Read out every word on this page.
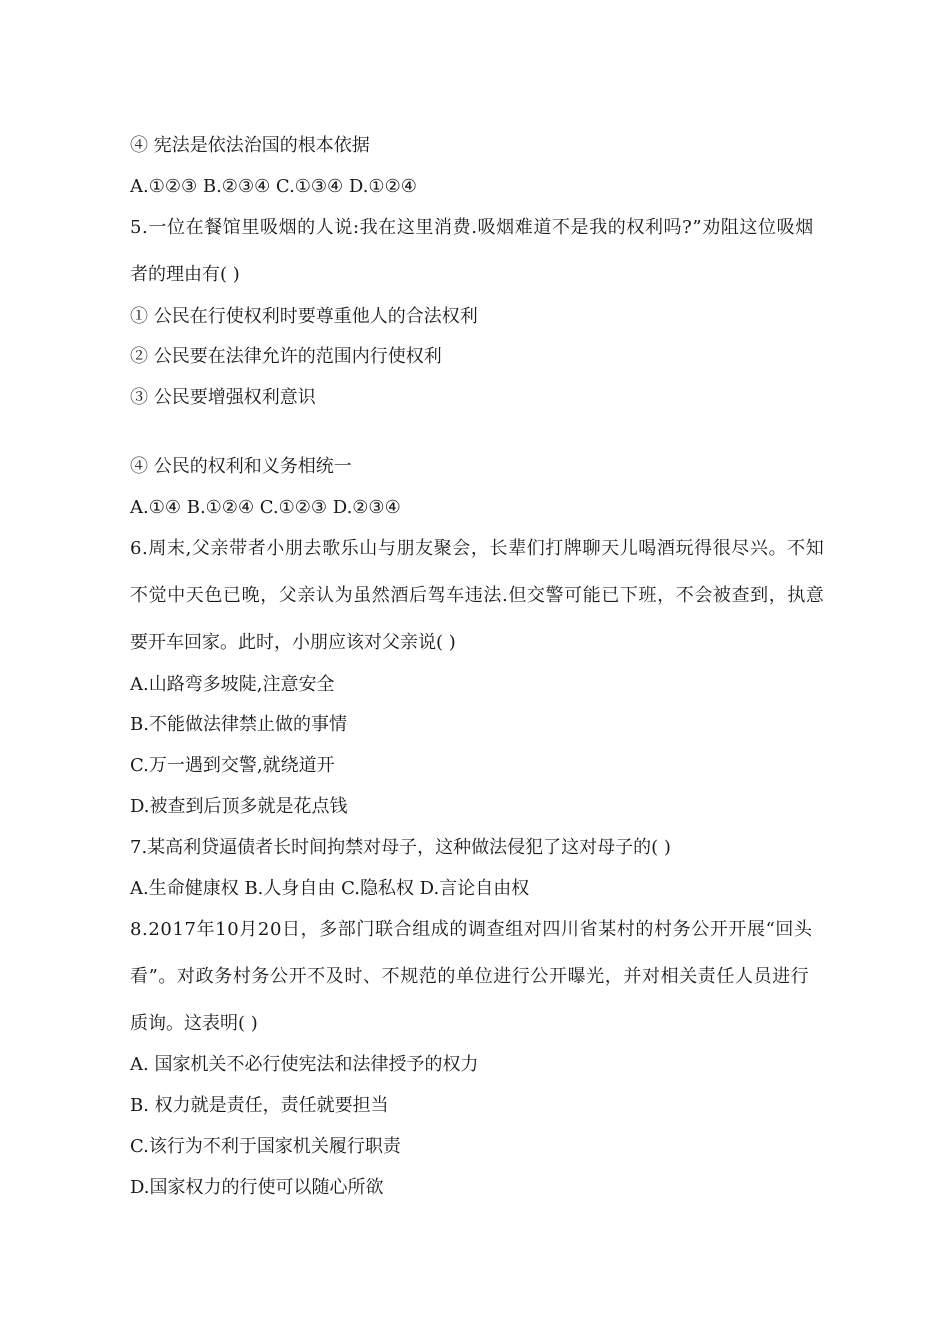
④ 宪法是依法治国的根本依据
A.①②③ B.②③④ C.①③④ D.①②④
5.一位在餐馆里吸烟的人说:我在这里消费.吸烟难道不是我的权利吗?”劝阻这位吸烟
者的理由有( )
① 公民在行使权利时要尊重他人的合法权利
② 公民要在法律允许的范围内行使权利
③ 公民要增强权利意识
④ 公民的权利和义务相统一
A.①④ B.①②④ C.①②③ D.②③④
6.周末,父亲带者小朋去歌乐山与朋友聚会，长辈们打牌聊天儿喝酒玩得很尽兴。不知
不觉中天色已晚，父亲认为虽然酒后驾车违法.但交警可能已下班，不会被查到，执意
要开车回家。此时，小朋应该对父亲说( )
A.山路弯多坡陡,注意安全
B.不能做法律禁止做的事情
C.万一遇到交警,就绕道开
D.被查到后顶多就是花点钱
7.某高利贷逼债者长时间拘禁对母子，这种做法侵犯了这对母子的( )
A.生命健康权 B.人身自由 C.隐私权 D.言论自由权
8.2017年10月20日，多部门联合组成的调查组对四川省某村的村务公开开展“回头
看”。对政务村务公开不及时、不规范的单位进行公开曝光，并对相关责任人员进行
质询。这表明( )
A. 国家机关不必行使宪法和法律授予的权力
B. 权力就是责任，责任就要担当
C.该行为不利于国家机关履行职责
D.国家权力的行使可以随心所欲
